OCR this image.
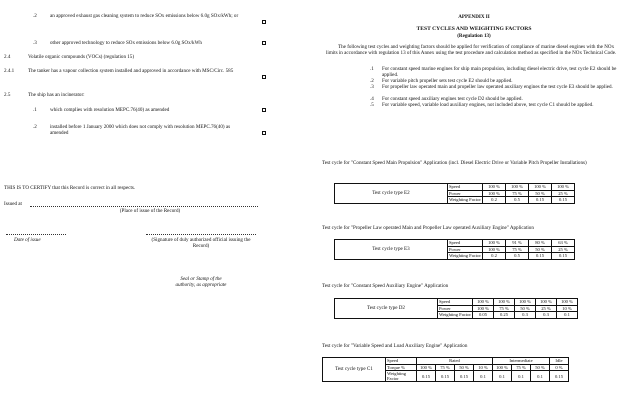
.2	an approved exhaust gas cleaning system to reduce SOx emissions below 6.0g SOx/kWh; or
.3	other approved technology to reduce SOx emissions below 6.0g SOx/kWh
2.4	Volatile organic compounds (VOCs) (regulation 15)
2.4.1	The tanker has a vapour collection system installed and approved in accordance with MSC/Circ. 585
2.5	The ship has an incinerator:
.1	which complies with resolution MEPC.76(40) as amended
.2	installed before 1 January 2000 which does not comply with resolution MEPC.76(40) as amended
THIS IS TO CERTIFY that this Record is correct in all respects.
Issued at
(Place of issue of the Record)
Date of issue	(Signature of duly authorized official issuing the Record)
Seal or Stamp of the authority, as appropriate
APPENDIX II
TEST CYCLES AND WEIGHTING FACTORS
(Regulation 13)
The following test cycles and weighting factors should be applied for verification of compliance of marine diesel engines with the NOx limits in accordance with regulation 13 of this Annex using the test procedure and calculation method as specified in the NOx Technical Code.
.1 For constant speed marine engines for ship main propulsion, including diesel electric drive, test cycle E2 should be applied.
.2 For variable pitch propeller sets test cycle E2 should be applied.
.3 For propeller law operated main and propeller law operated auxiliary engines the test cycle E3 should be applied.
.4 For constant speed auxiliary engines test cycle D2 should be applied.
.5 For variable speed, variable load auxiliary engines, not included above, test cycle C1 should be applied.
Test cycle for "Constant Speed Main Propulsion" Application (incl. Diesel Electric Drive or Variable Pitch Propeller Installations)
Test cycle type E2	Speed	100 %	100 %	100 %	100 %
	Power	100 %	75 %	50 %	25 %
	Weighting Factor	0.2	0.5	0.15	0.15
Test cycle for "Propeller Law operated Main and Propeller Law operated Auxiliary Engine" Application
Test cycle type E3	Speed	100 %	91 %	80 %	63 %
	Power	100 %	75 %	50 %	25 %
	Weighting Factor	0.2	0.5	0.15	0.15
Test cycle for "Constant Speed Auxiliary Engine" Application
Test cycle type D2	Speed	100 %	100 %	100 %	100 %	100 %
	Power	100 %	75 %	50 %	25 %	10 %
	Weighting Factor	0.05	0.25	0.3	0.3	0.1
Test cycle for "Variable Speed and Load Auxiliary Engine" Application
Test cycle type C1	Speed	Rated				Intermediate			Idle
	Torque %	100 %	75 %	50 %	10 %	100 %	75 %	50 %	0 %
	Weighting Factor	0.15	0.15	0.15	0.1	0.1	0.1	0.1	0.15
